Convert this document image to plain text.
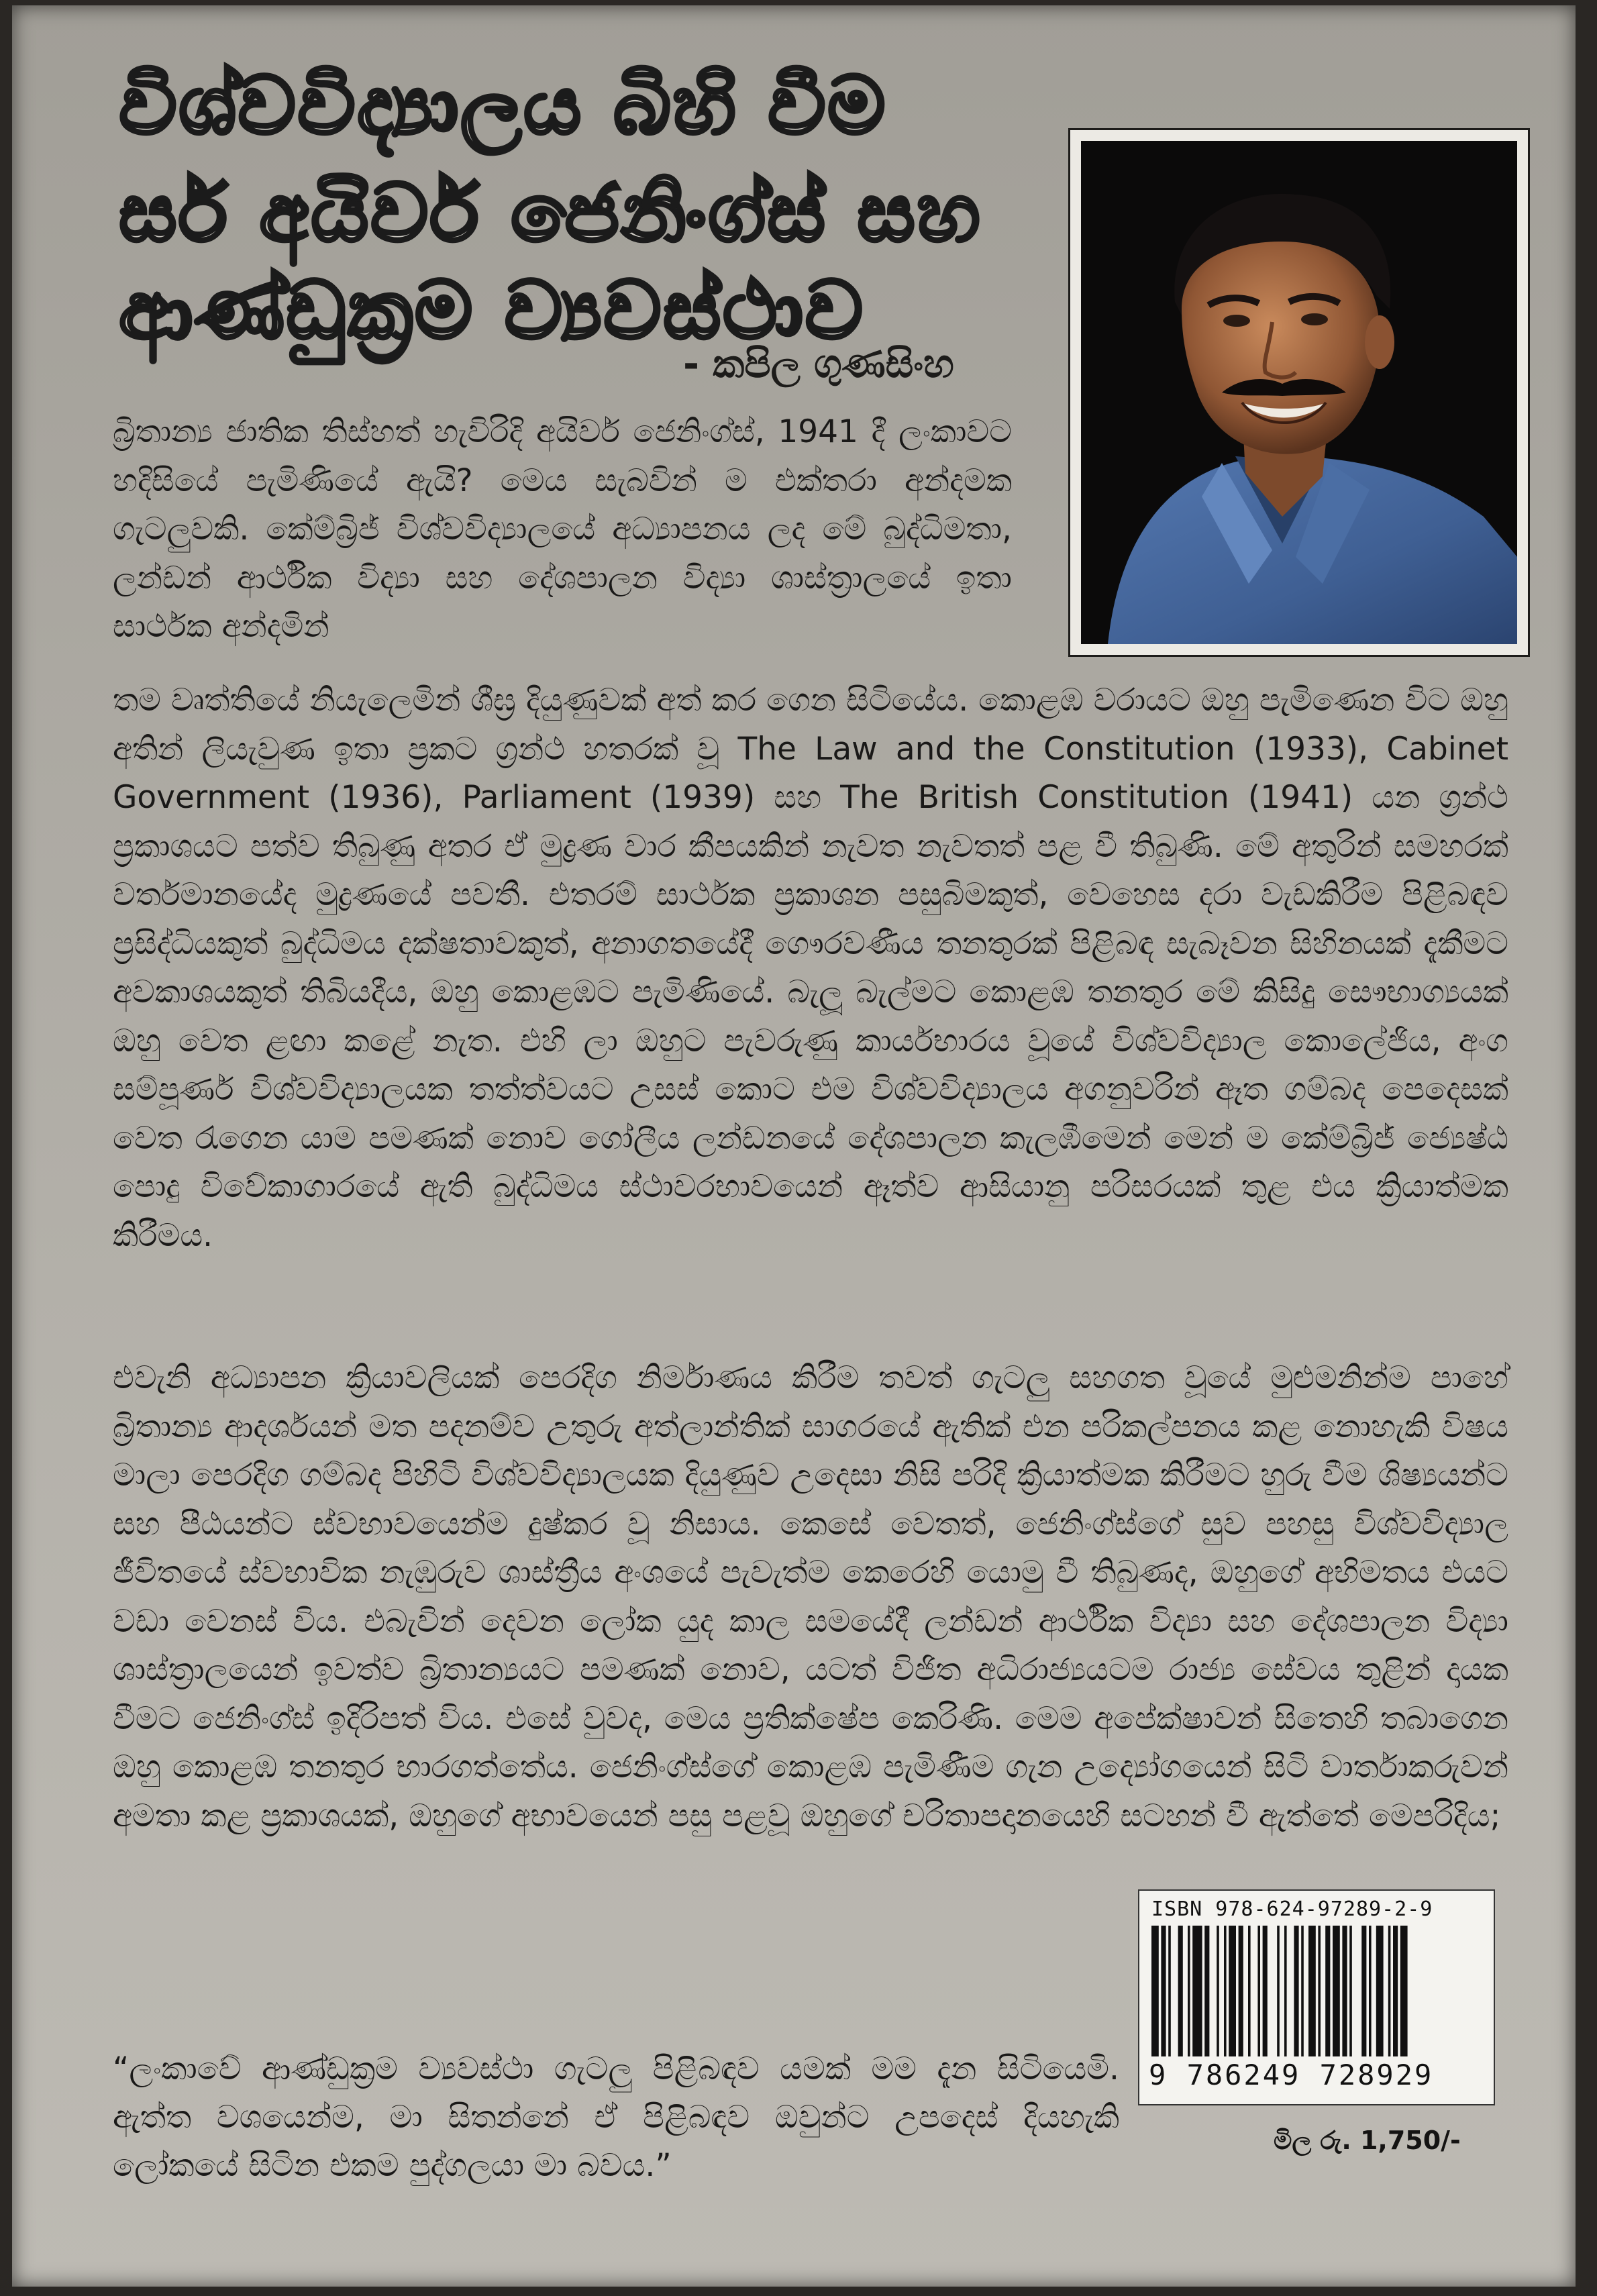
විශ්වවිද්‍යාලය බිහි වීම
සර් අයිවර් ජෙනිංග්ස් සහ
ආණ්ඩුක්‍රම ව්‍යවස්ථාව
- කපිල ගුණසිංහ

බ්‍රිතාන්‍ය ජාතික තිස්හත් හැවිරිදි අයිවර් ජෙනිංග්ස්, 1941 දී ලංකාවට හදිසියේ පැමිණියේ ඇයි? මෙය සැබවින් ම එක්තරා අන්දමක ගැටලුවකි. කේම්බ්‍රිජ් විශ්වවිද්‍යාලයේ අධ්‍යාපනය ලද මේ බුද්ධිමතා, ලන්ඩන් ආර්ථික විද්‍යා සහ දේශපාලන විද්‍යා ශාස්ත්‍රාලයේ ඉතා සාර්ථක අන්දමින්

තම වෘත්තියේ නියැලෙමින් ශීඝ්‍ර දියුණුවක් අත් කර ගෙන සිටියේය. කොළඹ වරායට ඔහු පැමිණෙන විට ඔහු අතින් ලියැවුණ ඉතා ප්‍රකට ග්‍රන්ථ හතරක් වූ The Law and the Constitution (1933), Cabinet Government (1936), Parliament (1939) සහ The British Constitution (1941) යන ග්‍රන්ථ ප්‍රකාශයට පත්ව තිබුණු අතර ඒ මුද්‍රණ වාර කීපයකින් නැවත නැවතත් පළ වී තිබුණි. මේ අතුරින් සමහරක් වර්තමානයේද මුද්‍රණයේ පවතී. එතරම් සාර්ථක ප්‍රකාශන පසුබිමකුත්, වෙහෙස දරා වැඩකිරීම පිළිබඳව ප්‍රසිද්ධියකුත් බුද්ධිමය දක්ෂතාවකුත්, අනාගතයේදී ගෞරවණීය තනතුරක් පිළිබඳ සැබෑවන සිහිනයක් දැකීමට අවකාශයකුත් තිබියදීය, ඔහු කොළඹට පැමිණියේ. බැලූ බැල්මට කොළඹ තනතුර මේ කිසිදු සෞභාග්‍යයක් ඔහු වෙත ළඟා කළේ නැත. එහි ලා ඔහුට පැවරුණු කාර්යභාරය වූයේ විශ්වවිද්‍යාල කොලේජිය, අංග සම්පූර්ණ විශ්වවිද්‍යාලයක තත්ත්වයට උසස් කොට එම විශ්වවිද්‍යාලය අගනුවරින් ඈත ගම්බද පෙදෙසක් වෙත රැගෙන යාම පමණක් නොව ගෝලීය ලන්ඩනයේ දේශපාලන කැලඹීමෙන් මෙන් ම කේම්බ්‍රිජ් ජ්‍යෙෂ්ඨ පොදු විවේකාගාරයේ ඇති බුද්ධිමය ස්ථාවරභාවයෙන් ඈත්ව ආසියානු පරිසරයක් තුළ එය ක්‍රියාත්මක කිරීමය.

එවැනි අධ්‍යාපන ක්‍රියාවලියක් පෙරදිග නිර්මාණය කිරීම තවත් ගැටලු සහගත වූයේ මුළුමනින්ම පාහේ බ්‍රිතාන්‍ය ආදර්ශයන් මත පදනම්ව උතුරු අත්ලාන්තික් සාගරයේ ඇතික් එන පරිකල්පනය කළ නොහැකි විෂය මාලා පෙරදිග ගම්බද පිහිටි විශ්වවිද්‍යාලයක දියුණුව උදෙසා නිසි පරිදි ක්‍රියාත්මක කිරීමට හුරු වීම ශිෂ්‍යයන්ට සහ පීඨයන්ට ස්වභාවයෙන්ම දුෂ්කර වූ නිසාය. කෙසේ වෙතත්, ජෙනිංග්ස්ගේ සුව පහසු විශ්වවිද්‍යාල ජීවිතයේ ස්වභාවික නැඹුරුව ශාස්ත්‍රීය අංශයේ පැවැත්ම කෙරෙහි යොමු වී තිබුණද, ඔහුගේ අභිමතය එයට වඩා වෙනස් විය. එබැවින් දෙවන ලෝක යුද කාල සමයේදී ලන්ඩන් ආර්ථික විද්‍යා සහ දේශපාලන විද්‍යා ශාස්ත්‍රාලයෙන් ඉවත්ව බ්‍රිතාන්‍යයට පමණක් නොව, යටත් විජිත අධිරාජ්‍යයටම රාජ්‍ය සේවය තුළින් දායක වීමට ජෙනිංග්ස් ඉදිරිපත් විය. එසේ වුවද, මෙය ප්‍රතික්ෂේප කෙරිණි. මෙම අපේක්ෂාවන් සිතෙහි තබාගෙන ඔහු කොළඹ තනතුර භාරගත්තේය. ජෙනිංග්ස්ගේ කොළඹ පැමිණීම ගැන උද්‍යෝගයෙන් සිටි වාර්තාකරුවන් අමතා කළ ප්‍රකාශයක්, ඔහුගේ අභාවයෙන් පසු පළවූ ඔහුගේ චරිතාපදානයෙහි සටහන් වී ඇත්තේ මෙපරිදිය;

“ලංකාවේ ආණ්ඩුක්‍රම ව්‍යවස්ථා ගැටලු පිළිබඳව යමක් මම දැන සිටියෙමි. ඇත්ත වශයෙන්ම, මා සිතන්නේ ඒ පිළිබඳව ඔවුන්ට උපදෙස් දියහැකි ලෝකයේ සිටින එකම පුද්ගලයා මා බවය.”

ISBN 978-624-97289-2-9
9 786249 728929
මිල රු. 1,750/-
